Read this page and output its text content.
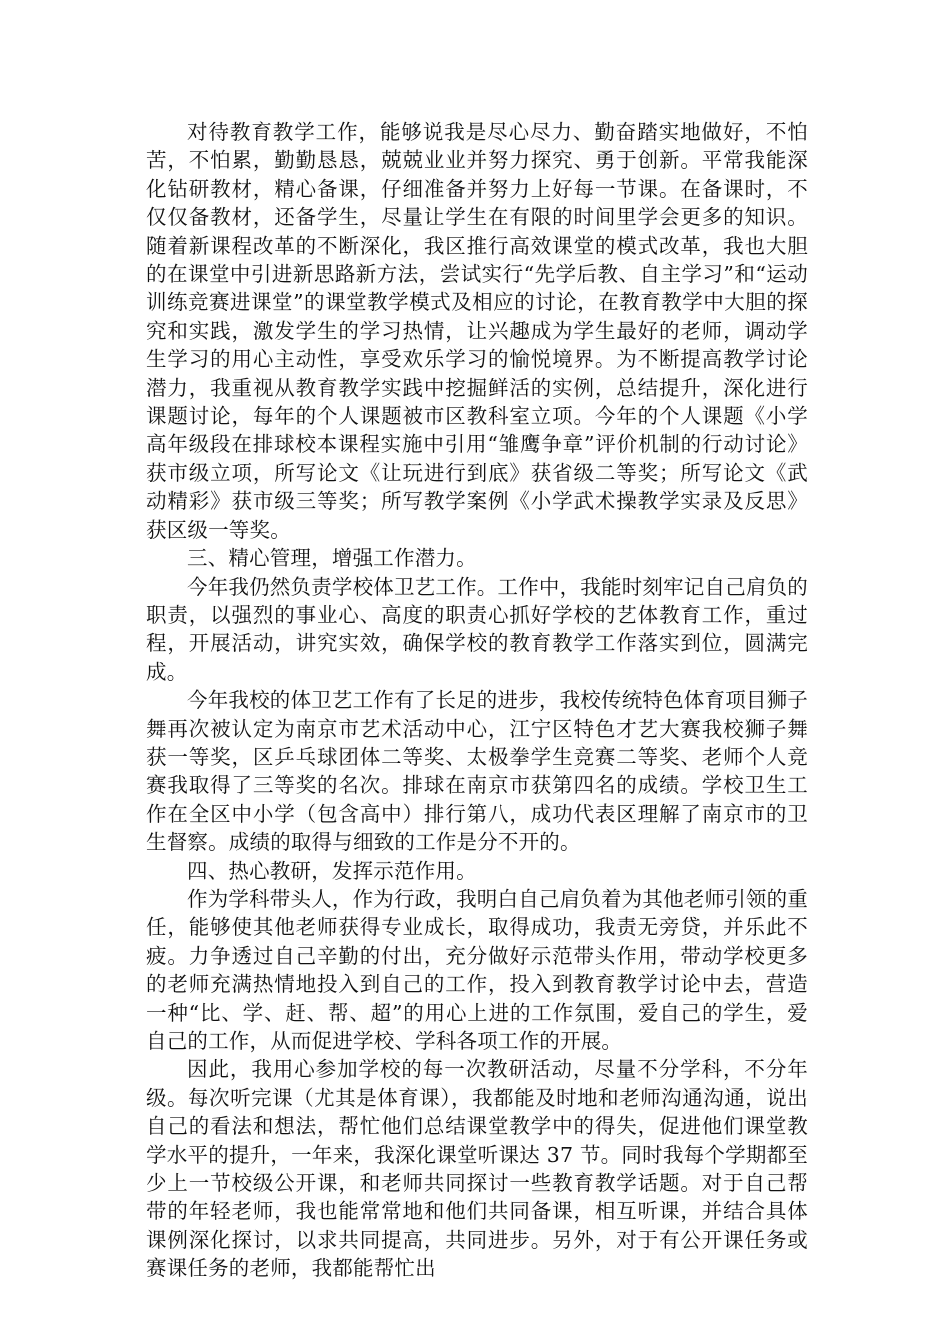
对待教育教学工作，能够说我是尽心尽力、勤奋踏实地做好，不怕苦，不怕累，勤勤恳恳，兢兢业业并努力探究、勇于创新。平常我能深化钻研教材，精心备课，仔细准备并努力上好每一节课。在备课时，不仅仅备教材，还备学生，尽量让学生在有限的时间里学会更多的知识。随着新课程改革的不断深化，我区推行高效课堂的模式改革，我也大胆的在课堂中引进新思路新方法，尝试实行“先学后教、自主学习”和“运动训练竞赛进课堂”的课堂教学模式及相应的讨论，在教育教学中大胆的探究和实践，激发学生的学习热情，让兴趣成为学生最好的老师，调动学生学习的用心主动性，享受欢乐学习的愉悦境界。为不断提高教学讨论潜力，我重视从教育教学实践中挖掘鲜活的实例，总结提升，深化进行课题讨论，每年的个人课题被市区教科室立项。今年的个人课题《小学高年级段在排球校本课程实施中引用“雏鹰争章”评价机制的行动讨论》获市级立项，所写论文《让玩进行到底》获省级二等奖；所写论文《武动精彩》获市级三等奖；所写教学案例《小学武术操教学实录及反思》获区级一等奖。

三、精心管理，增强工作潜力。

今年我仍然负责学校体卫艺工作。工作中，我能时刻牢记自己肩负的职责，以强烈的事业心、高度的职责心抓好学校的艺体教育工作，重过程，开展活动，讲究实效，确保学校的教育教学工作落实到位，圆满完成。

今年我校的体卫艺工作有了长足的进步，我校传统特色体育项目狮子舞再次被认定为南京市艺术活动中心，江宁区特色才艺大赛我校狮子舞获一等奖，区乒乓球团体二等奖、太极拳学生竞赛二等奖、老师个人竞赛我取得了三等奖的名次。排球在南京市获第四名的成绩。学校卫生工作在全区中小学（包含高中）排行第八，成功代表区理解了南京市的卫生督察。成绩的取得与细致的工作是分不开的。

四、热心教研，发挥示范作用。

作为学科带头人，作为行政，我明白自己肩负着为其他老师引领的重任，能够使其他老师获得专业成长，取得成功，我责无旁贷，并乐此不疲。力争透过自己辛勤的付出，充分做好示范带头作用，带动学校更多的老师充满热情地投入到自己的工作，投入到教育教学讨论中去，营造一种“比、学、赶、帮、超”的用心上进的工作氛围，爱自己的学生，爱自己的工作，从而促进学校、学科各项工作的开展。

因此，我用心参加学校的每一次教研活动，尽量不分学科，不分年级。每次听完课（尤其是体育课），我都能及时地和老师沟通沟通，说出自己的看法和想法，帮忙他们总结课堂教学中的得失，促进他们课堂教学水平的提升，一年来，我深化课堂听课达 37 节。同时我每个学期都至少上一节校级公开课，和老师共同探讨一些教育教学话题。对于自己帮带的年轻老师，我也能常常地和他们共同备课，相互听课，并结合具体课例深化探讨，以求共同提高，共同进步。另外，对于有公开课任务或赛课任务的老师，我都能帮忙出
